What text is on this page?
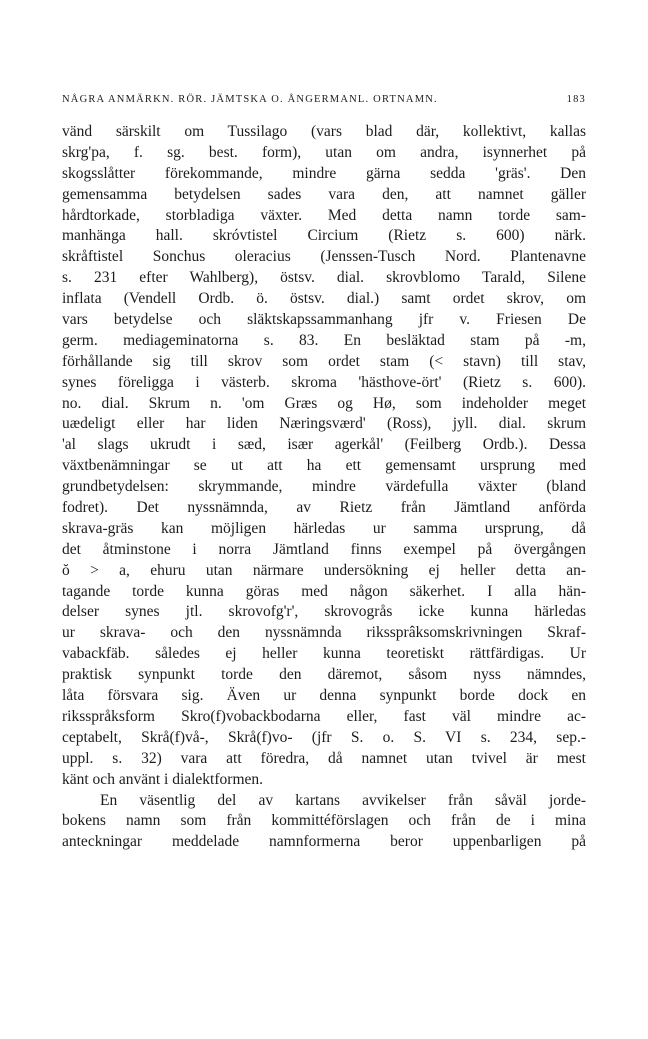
NÅGRA ANMÄRKN. RÖR. JÄMTSKA O. ÅNGERMANL. ORTNAMN.	183
vänd särskilt om Tussilago (vars blad där, kollektivt, kallas
skrg'pa, f. sg. best. form), utan om andra, isynnerhet på
skogsslåtter förekommande, mindre gärna sedda 'gräs'. Den
gemensamma betydelsen sades vara den, att namnet gäller
hårdtorkade, storbladiga växter. Med detta namn torde sam-
manhänga hall. skróvtistel Circium (Rietz s. 600) närk.
skråftistel Sonchus oleracius (Jenssen-Tusch Nord. Plantenavne
s. 231 efter Wahlberg), östsv. dial. skrovblomo Tarald, Silene
inflata (Vendell Ordb. ö. östsv. dial.) samt ordet skrov, om
vars betydelse och släktskapssammanhang jfr v. Friesen De
germ. mediageminatorna s. 83. En besläktad stam på -m,
förhållande sig till skrov som ordet stam (< stavn) till stav,
synes föreligga i västerb. skroma 'hästhove-ört' (Rietz s. 600).
no. dial. Skrum n. 'om Græs og Hø, som indeholder meget
uædeligt eller har liden Næringsværd' (Ross), jyll. dial. skrum
'al slags ukrudt i sæd, især agerkål' (Feilberg Ordb.). Dessa
växtbenämningar se ut att ha ett gemensamt ursprung med
grundbetydelsen: skrymmande, mindre värdefulla växter (bland
fodret). Det nyssnämnda, av Rietz från Jämtland anförda
skrava-gräs kan möjligen härledas ur samma ursprung, då
det åtminstone i norra Jämtland finns exempel på övergången
ŏ > a, ehuru utan närmare undersökning ej heller detta an-
tagande torde kunna göras med någon säkerhet. I alla hän-
delser synes jtl. skrovofg'r', skrovogrås icke kunna härledas
ur skrava- och den nyssnämnda rikssprâksomskrivningen Skraf-
vabackfäb. således ej heller kunna teoretiskt rättfärdigas. Ur
praktisk synpunkt torde den däremot, såsom nyss nämndes,
låta försvara sig. Även ur denna synpunkt borde dock en
riksspråksform Skro(f)vobackbodarna eller, fast väl mindre ac-
ceptabelt, Skrå(f)vå-, Skrå(f)vo- (jfr S. o. S. VI s. 234, sep.-
uppl. s. 32) vara att föredra, då namnet utan tvivel är mest
känt och använt i dialektformen.
En väsentlig del av kartans avvikelser från såväl jorde-
bokens namn som från kommittéförslagen och från de i mina
anteckningar meddelade namnformerna beror uppenbarligen på
